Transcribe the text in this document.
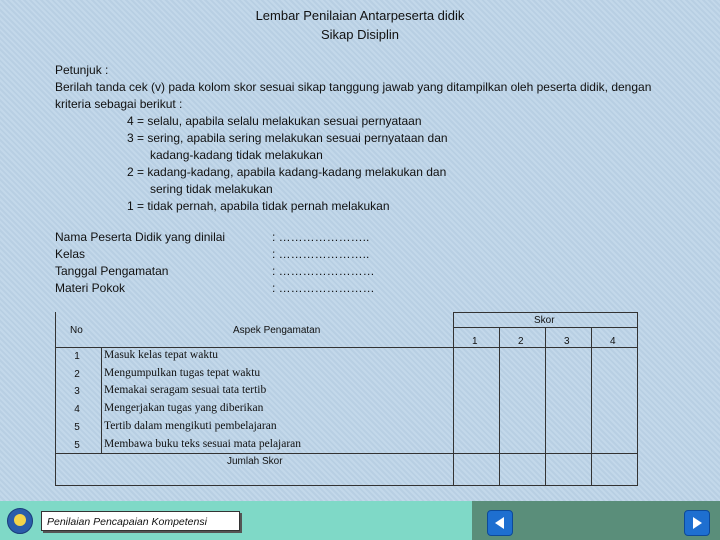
Lembar Penilaian Antarpeserta didik
Sikap Disiplin
Petunjuk :
Berilah tanda cek (v) pada kolom skor sesuai sikap tanggung jawab yang ditampilkan oleh peserta didik, dengan kriteria sebagai berikut :
4 = selalu, apabila selalu melakukan sesuai pernyataan
3 = sering, apabila sering melakukan sesuai pernyataan dan
kadang-kadang tidak melakukan
2 = kadang-kadang, apabila kadang-kadang melakukan dan
sering tidak melakukan
1 = tidak pernah, apabila tidak pernah melakukan
Nama Peserta Didik yang dinilai	: …………………..
Kelas	: …………………..
Tanggal Pengamatan	: ……………………
Materi Pokok	: ……………………
No	Aspek Pengamatan
Skor
1	2	3	4
1	Masuk kelas tepat waktu
2	Mengumpulkan tugas tepat waktu
3	Memakai seragam sesuai tata tertib
4	Mengerjakan tugas yang diberikan
5	Tertib dalam mengikuti pembelajaran
5	Membawa buku teks sesuai mata pelajaran
Jumlah Skor
Penilaian Pencapaian Kompetensi
